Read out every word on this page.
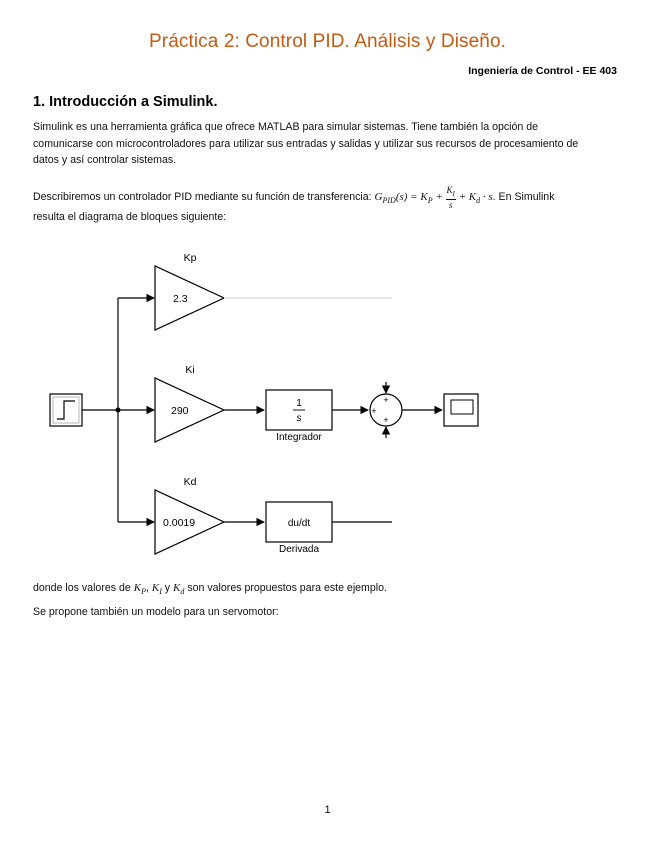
Práctica 2: Control PID. Análisis y Diseño.
Ingeniería de Control - EE 403
1. Introducción a Simulink.
Simulink es una herramienta gráfica que ofrece MATLAB para simular sistemas. Tiene también la opción de comunicarse con microcontroladores para utilizar sus entradas y salidas y utilizar sus recursos de procesamiento de datos y así controlar sistemas.
Describiremos un controlador PID mediante su función de transferencia: $G_{PID}(s) = K_P + \frac{K_I}{s} + K_d \cdot s$. En Simulink
resulta el diagrama de bloques siguiente:
Kp
2.3
Ki
290
1
s
Integrador
+
+
+
Kd
0.0019	du/dt
Derivada
donde los valores de $K_P$, $K_I$ y $K_d$ son valores propuestos para este ejemplo.
Se propone también un modelo para un servomotor:
1
